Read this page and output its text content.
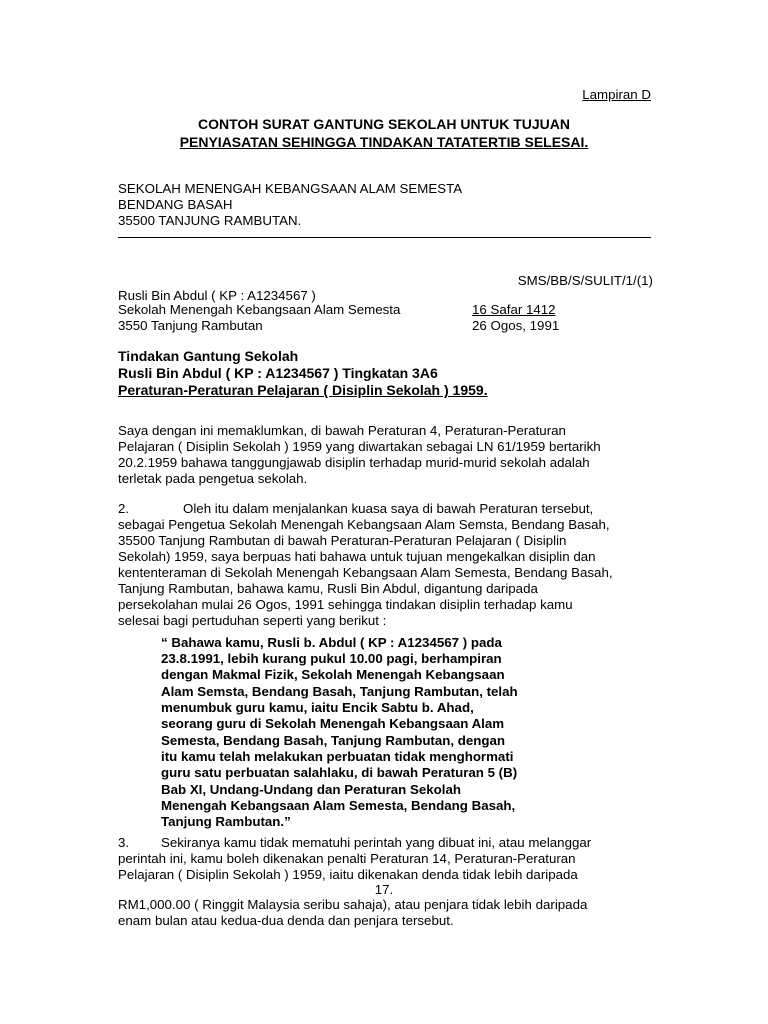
Lampiran D
CONTOH SURAT GANTUNG SEKOLAH UNTUK TUJUAN
PENYIASATAN SEHINGGA TINDAKAN TATATERTIB SELESAI.
SEKOLAH MENENGAH KEBANGSAAN ALAM SEMESTA
BENDANG BASAH
35500 TANJUNG RAMBUTAN.
SMS/BB/S/SULIT/1/(1)
Rusli Bin Abdul ( KP : A1234567 )
Sekolah Menengah Kebangsaan Alam Semesta
3550 Tanjung Rambutan
16 Safar 1412
26 Ogos, 1991
Tindakan Gantung Sekolah
Rusli Bin Abdul ( KP : A1234567 ) Tingkatan 3A6
Peraturan-Peraturan Pelajaran ( Disiplin Sekolah ) 1959.
Saya dengan ini memaklumkan, di bawah Peraturan 4, Peraturan-Peraturan
Pelajaran ( Disiplin Sekolah ) 1959 yang diwartakan sebagai LN 61/1959 bertarikh
20.2.1959 bahawa tanggungjawab disiplin terhadap murid-murid sekolah adalah
terletak pada pengetua sekolah.
2.	Oleh itu dalam menjalankan kuasa saya di bawah Peraturan tersebut,
sebagai Pengetua Sekolah Menengah Kebangsaan Alam Semsta, Bendang Basah,
35500 Tanjung Rambutan di bawah Peraturan-Peraturan Pelajaran ( Disiplin
Sekolah) 1959, saya berpuas hati bahawa untuk tujuan mengekalkan disiplin dan
kententeraman di Sekolah Menengah Kebangsaan Alam Semesta, Bendang Basah,
Tanjung Rambutan, bahawa kamu, Rusli Bin Abdul, digantung daripada
persekolahan mulai 26 Ogos, 1991 sehingga tindakan disiplin terhadap kamu
selesai bagi pertuduhan seperti yang berikut :
“ Bahawa kamu, Rusli b. Abdul ( KP : A1234567 ) pada
23.8.1991, lebih kurang pukul 10.00 pagi, berhampiran
dengan Makmal Fizik, Sekolah Menengah Kebangsaan
Alam Semsta, Bendang Basah, Tanjung Rambutan, telah
menumbuk guru kamu, iaitu Encik Sabtu b. Ahad,
seorang guru di Sekolah Menengah Kebangsaan Alam
Semesta, Bendang Basah, Tanjung Rambutan, dengan
itu kamu telah melakukan perbuatan tidak menghormati
guru satu perbuatan salahlaku, di bawah Peraturan 5 (B)
Bab XI, Undang-Undang dan Peraturan Sekolah
Menengah Kebangsaan Alam Semesta, Bendang Basah,
Tanjung Rambutan.”
3. Sekiranya kamu tidak mematuhi perintah yang dibuat ini, atau melanggar
perintah ini, kamu boleh dikenakan penalti Peraturan 14, Peraturan-Peraturan
Pelajaran ( Disiplin Sekolah ) 1959, iaitu dikenakan denda tidak lebih daripada
17.
RM1,000.00 ( Ringgit Malaysia seribu sahaja), atau penjara tidak lebih daripada
enam bulan atau kedua-dua denda dan penjara tersebut.
